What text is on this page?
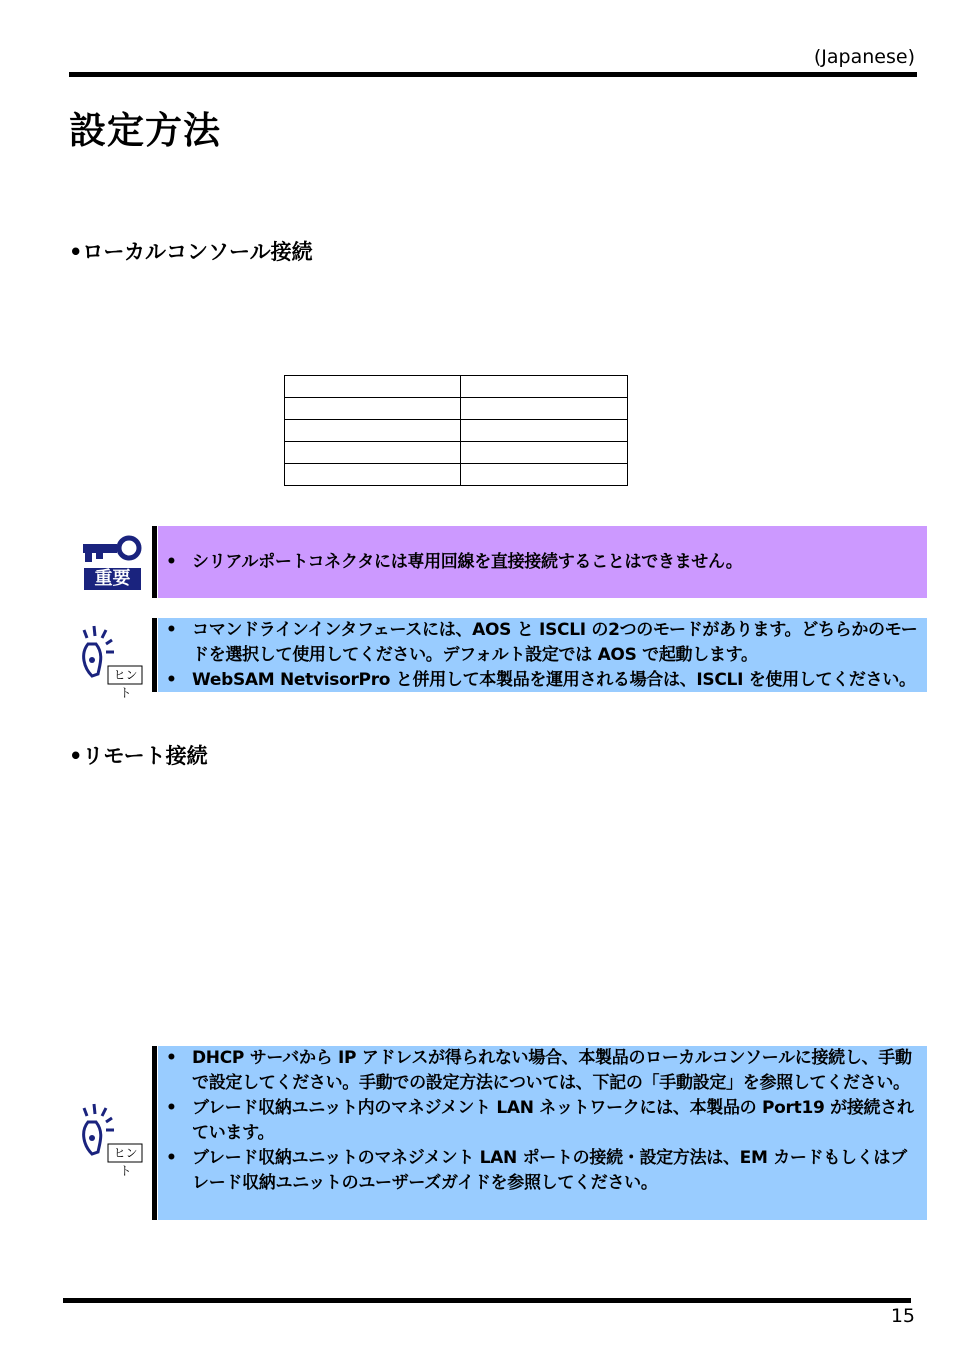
(Japanese)
設定方法
•ローカルコンソール接続

重要
• シリアルポートコネクタには専用回線を直接接続することはできません。
ヒント
• コマンドラインインタフェースには、AOS と ISCLI の2つのモードがあります。どちらかのモードを選択して使用してください。デフォルト設定では AOS で起動します。
• WebSAM NetvisorPro と併用して本製品を運用される場合は、ISCLI を使用してください。
•リモート接続
ヒント
• DHCP サーバから IP アドレスが得られない場合、本製品のローカルコンソールに接続し、手動で設定してください。手動での設定方法については、下記の「手動設定」を参照してください。
• ブレード収納ユニット内のマネジメント LAN ネットワークには、本製品の Port19 が接続されています。
• ブレード収納ユニットのマネジメント LAN ポートの接続・設定方法は、EM カードもしくはブレード収納ユニットのユーザーズガイドを参照してください。
15
